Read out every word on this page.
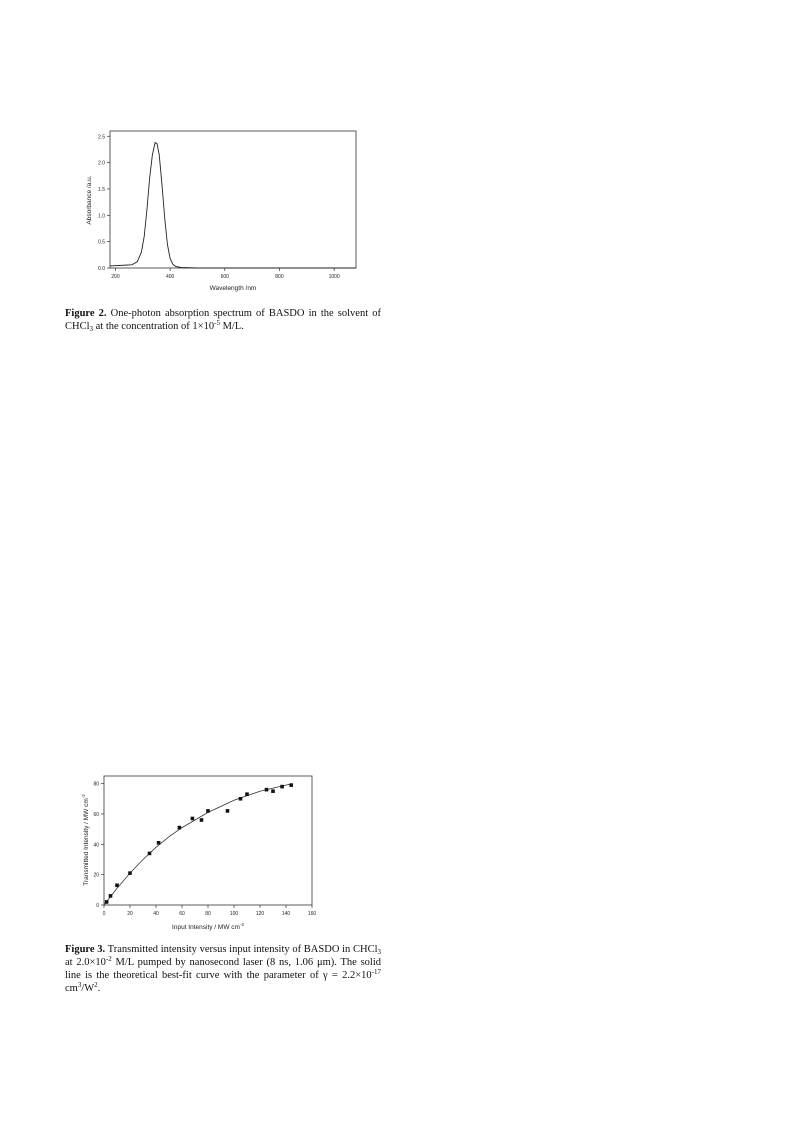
0.0
0.5
1.0
1.5
2.0
2.5
200	400	600	800	1000
Wavelength /nm
Absorbance /a.u.
Figure 2. One-photon absorption spectrum of BASDO in the solvent of CHCl$_3$ at the concentration of $1\times 10^{-5}$ M/L.
0
20
40
60
80
0	20	40	60	80	100	120	140	160
Input Intensity / MW $cm^{-2}$
Transmitted Intensity / MW $cm^{-2}$
Figure 3. Transmitted intensity versus input intensity of BASDO in CHCl$_3$ at $2.0\times 10^{-2}$ M/L pumped by nanosecond laser (8 ns, 1.06 μm). The solid line is the theoretical best-fit curve with the parameter of $\gamma = 2.2\times 10^{-17}$ $cm^3/W^2$.
